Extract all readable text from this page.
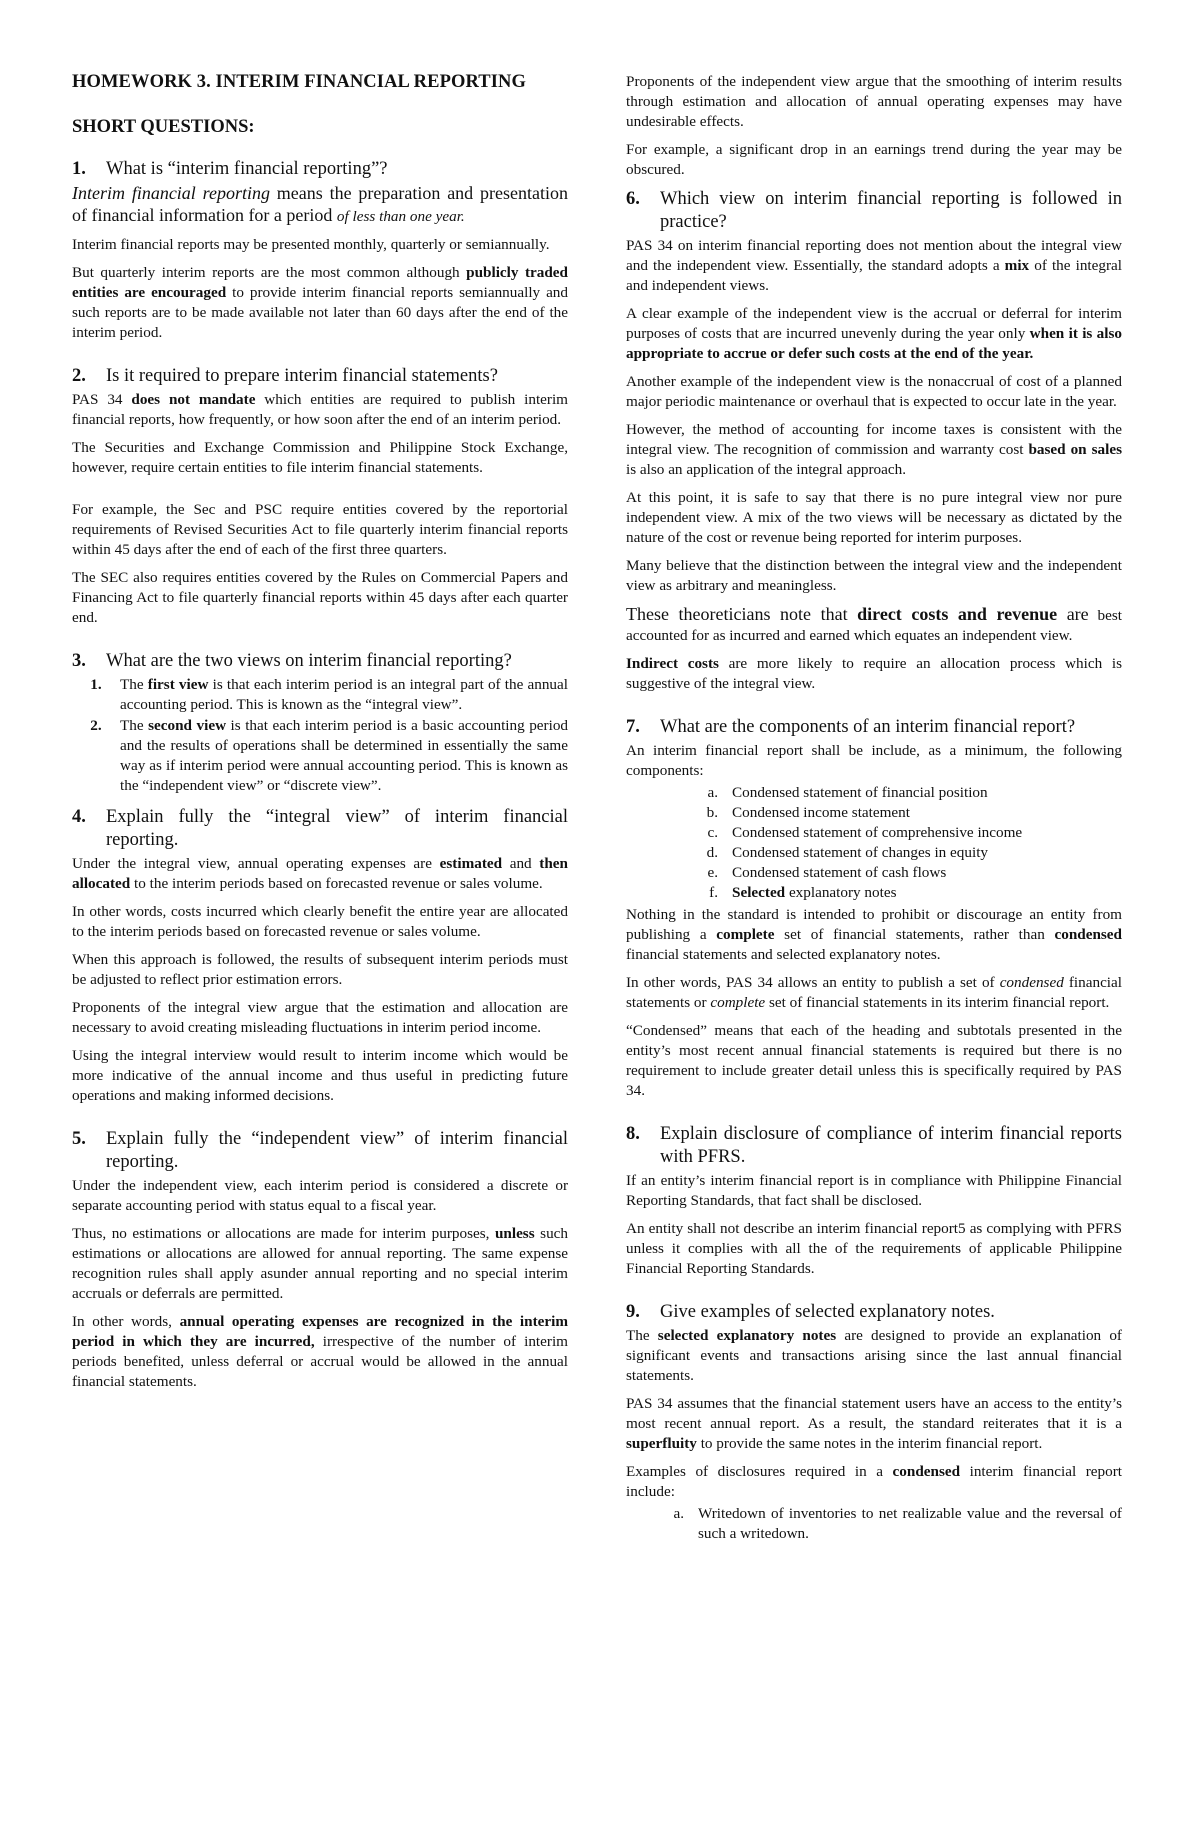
HOMEWORK 3. INTERIM FINANCIAL REPORTING
SHORT QUESTIONS:
1.	What is “interim financial reporting”?

Interim financial reporting means the preparation and presentation of financial information for a period of less than one year.

Interim financial reports may be presented monthly, quarterly or semiannually.

But quarterly interim reports are the most common although publicly traded entities are encouraged to provide interim financial reports semiannually and such reports are to be made available not later than 60 days after the end of the interim period.

2.	Is it required to prepare interim financial statements?

PAS 34 does not mandate which entities are required to publish interim financial reports, how frequently, or how soon after the end of an interim period.

The Securities and Exchange Commission and Philippine Stock Exchange, however, require certain entities to file interim financial statements.

For example, the Sec and PSC require entities covered by the reportorial requirements of Revised Securities Act to file quarterly interim financial reports within 45 days after the end of each of the first three quarters.

The SEC also requires entities covered by the Rules on Commercial Papers and Financing Act to file quarterly financial reports within 45 days after each quarter end.

3.	What are the two views on interim financial reporting?
1.	The first view is that each interim period is an integral part of the annual accounting period. This is known as the “integral view”.
2.	The second view is that each interim period is a basic accounting period and the results of operations shall be determined in essentially the same way as if interim period were annual accounting period. This is known as the “independent view” or “discrete view”.
4.	Explain fully the “integral view” of interim financial reporting.

Under the integral view, annual operating expenses are estimated and then allocated to the interim periods based on forecasted revenue or sales volume.

In other words, costs incurred which clearly benefit the entire year are allocated to the interim periods based on forecasted revenue or sales volume.

When this approach is followed, the results of subsequent interim periods must be adjusted to reflect prior estimation errors.

Proponents of the integral view argue that the estimation and allocation are necessary to avoid creating misleading fluctuations in interim period income.

Using the integral interview would result to interim income which would be more indicative of the annual income and thus useful in predicting future operations and making informed decisions.

5.	Explain fully the “independent view” of interim financial reporting.

Under the independent view, each interim period is considered a discrete or separate accounting period with status equal to a fiscal year.

Thus, no estimations or allocations are made for interim purposes, unless such estimations or allocations are allowed for annual reporting. The same expense recognition rules shall apply asunder annual reporting and no special interim accruals or deferrals are permitted.

In other words, annual operating expenses are recognized in the interim period in which they are incurred, irrespective of the number of interim periods benefited, unless deferral or accrual would be allowed in the annual financial statements.

Proponents of the independent view argue that the smoothing of interim results through estimation and allocation of annual operating expenses may have undesirable effects.

For example, a significant drop in an earnings trend during the year may be obscured.

6.	Which view on interim financial reporting is followed in practice?

PAS 34 on interim financial reporting does not mention about the integral view and the independent view. Essentially, the standard adopts a mix of the integral and independent views.

A clear example of the independent view is the accrual or deferral for interim purposes of costs that are incurred unevenly during the year only when it is also appropriate to accrue or defer such costs at the end of the year.

Another example of the independent view is the nonaccrual of cost of a planned major periodic maintenance or overhaul that is expected to occur late in the year.

However, the method of accounting for income taxes is consistent with the integral view. The recognition of commission and warranty cost based on sales is also an application of the integral approach.

At this point, it is safe to say that there is no pure integral view nor pure independent view. A mix of the two views will be necessary as dictated by the nature of the cost or revenue being reported for interim purposes.

Many believe that the distinction between the integral view and the independent view as arbitrary and meaningless.

These theoreticians note that direct costs and revenue are best accounted for as incurred and earned which equates an independent view.

Indirect costs are more likely to require an allocation process which is suggestive of the integral view.

7.	What are the components of an interim financial report?

An interim financial report shall be include, as a minimum, the following components:

a. Condensed statement of financial position
b. Condensed income statement
c. Condensed statement of comprehensive income
d. Condensed statement of changes in equity
e. Condensed statement of cash flows
f. Selected explanatory notes

Nothing in the standard is intended to prohibit or discourage an entity from publishing a complete set of financial statements, rather than condensed financial statements and selected explanatory notes.

In other words, PAS 34 allows an entity to publish a set of condensed financial statements or complete set of financial statements in its interim financial report.

“Condensed” means that each of the heading and subtotals presented in the entity’s most recent annual financial statements is required but there is no requirement to include greater detail unless this is specifically required by PAS 34.

8.	Explain disclosure of compliance of interim financial reports with PFRS.

If an entity’s interim financial report is in compliance with Philippine Financial Reporting Standards, that fact shall be disclosed.

An entity shall not describe an interim financial report5 as complying with PFRS unless it complies with all the of the requirements of applicable Philippine Financial Reporting Standards.

9.	Give examples of selected explanatory notes.

The selected explanatory notes are designed to provide an explanation of significant events and transactions arising since the last annual financial statements.

PAS 34 assumes that the financial statement users have an access to the entity’s most recent annual report. As a result, the standard reiterates that it is a superfluity to provide the same notes in the interim financial report.

Examples of disclosures required in a condensed interim financial report include:

a. Writedown of inventories to net realizable value and the reversal of such a writedown.
